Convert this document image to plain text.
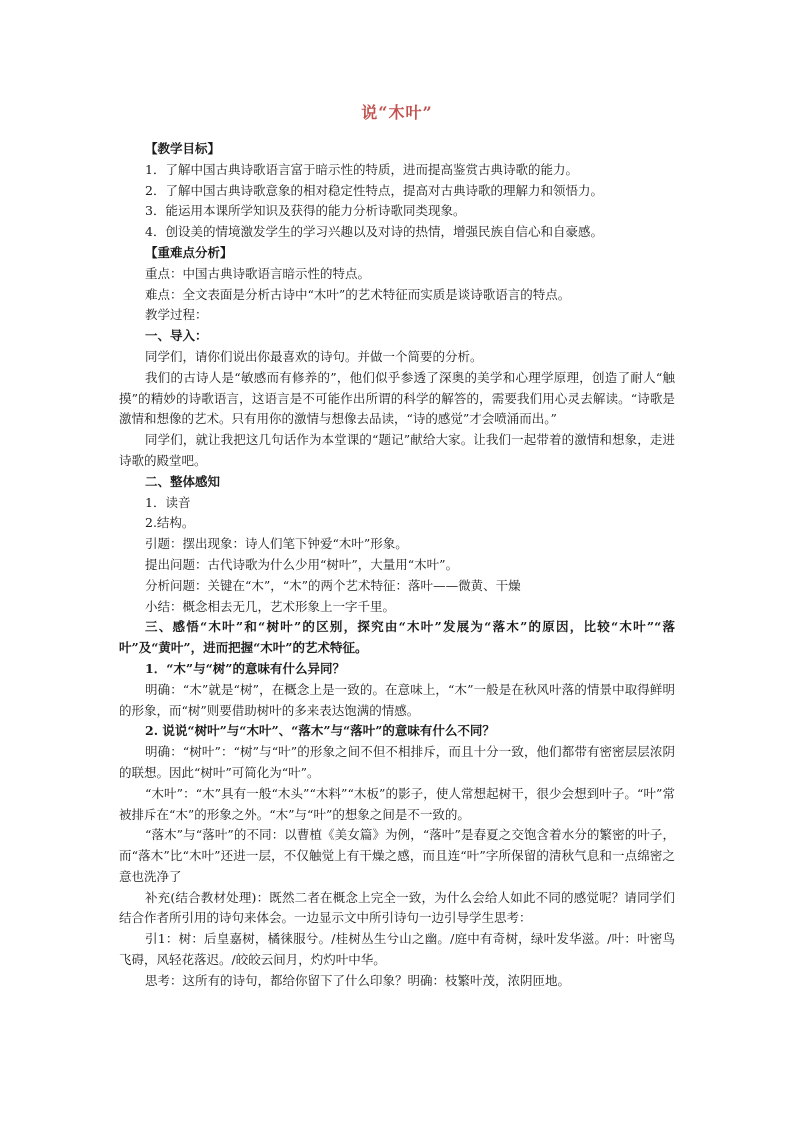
说“木叶”

【教学目标】

1．了解中国古典诗歌语言富于暗示性的特质，进而提高鉴赏古典诗歌的能力。

2．了解中国古典诗歌意象的相对稳定性特点，提高对古典诗歌的理解力和领悟力。

3．能运用本课所学知识及获得的能力分析诗歌同类现象。

4．创设美的情境激发学生的学习兴趣以及对诗的热情，增强民族自信心和自豪感。

【重难点分析】

重点：中国古典诗歌语言暗示性的特点。

难点：全文表面是分析古诗中“木叶”的艺术特征而实质是谈诗歌语言的特点。

教学过程：

一、导入：

同学们，请你们说出你最喜欢的诗句。并做一个简要的分析。

我们的古诗人是“敏感而有修养的”，他们似乎参透了深奥的美学和心理学原理，创造了耐人“触摸”的精妙的诗歌语言，这语言是不可能作出所谓的科学的解答的，需要我们用心灵去解读。“诗歌是激情和想像的艺术。只有用你的激情与想像去品读，“诗的感觉”才会喷涌而出。”

同学们，就让我把这几句话作为本堂课的“题记”献给大家。让我们一起带着的激情和想象，走进诗歌的殿堂吧。

二、整体感知

1．读音

2.结构。

引题：摆出现象：诗人们笔下钟爱“木叶”形象。

提出问题：古代诗歌为什么少用“树叶”，大量用“木叶”。

分析问题：关键在“木”，“木”的两个艺术特征：落叶——微黄、干燥

小结：概念相去无几，艺术形象上一字千里。

三、感悟“木叶”和“树叶”的区别，探究由“木叶”发展为“落木”的原因，比较“木叶”“落叶”及“黄叶”，进而把握“木叶”的艺术特征。

1．“木”与“树”的意味有什么异同？

明确：“木”就是“树”，在概念上是一致的。在意味上，“木”一般是在秋风叶落的情景中取得鲜明的形象，而“树”则要借助树叶的多来表达饱满的情感。

2. 说说“树叶”与“木叶”、“落木”与“落叶”的意味有什么不同？

明确：“树叶”：“树”与“叶”的形象之间不但不相排斥，而且十分一致，他们都带有密密层层浓阴的联想。因此“树叶”可简化为“叶”。

“木叶”：“木”具有一般“木头”“木料”“木板”的影子，使人常想起树干，很少会想到叶子。“叶”常被排斥在“木”的形象之外。“木”与“叶”的想象之间是不一致的。

“落木”与“落叶”的不同：以曹植《美女篇》为例，“落叶”是春夏之交饱含着水分的繁密的叶子，而“落木”比“木叶”还进一层，不仅触觉上有干燥之感，而且连“叶”字所保留的清秋气息和一点绵密之意也洗净了

补充(结合教材处理)：既然二者在概念上完全一致，为什么会给人如此不同的感觉呢？请同学们结合作者所引用的诗句来体会。一边显示文中所引诗句一边引导学生思考：

引1：树：后皇嘉树，橘徕服兮。/桂树丛生兮山之幽。/庭中有奇树，绿叶发华滋。/叶：叶密鸟飞碍，风轻花落迟。/皎皎云间月，灼灼叶中华。

思考：这所有的诗句，都给你留下了什么印象？明确：枝繁叶茂，浓阴匝地。
